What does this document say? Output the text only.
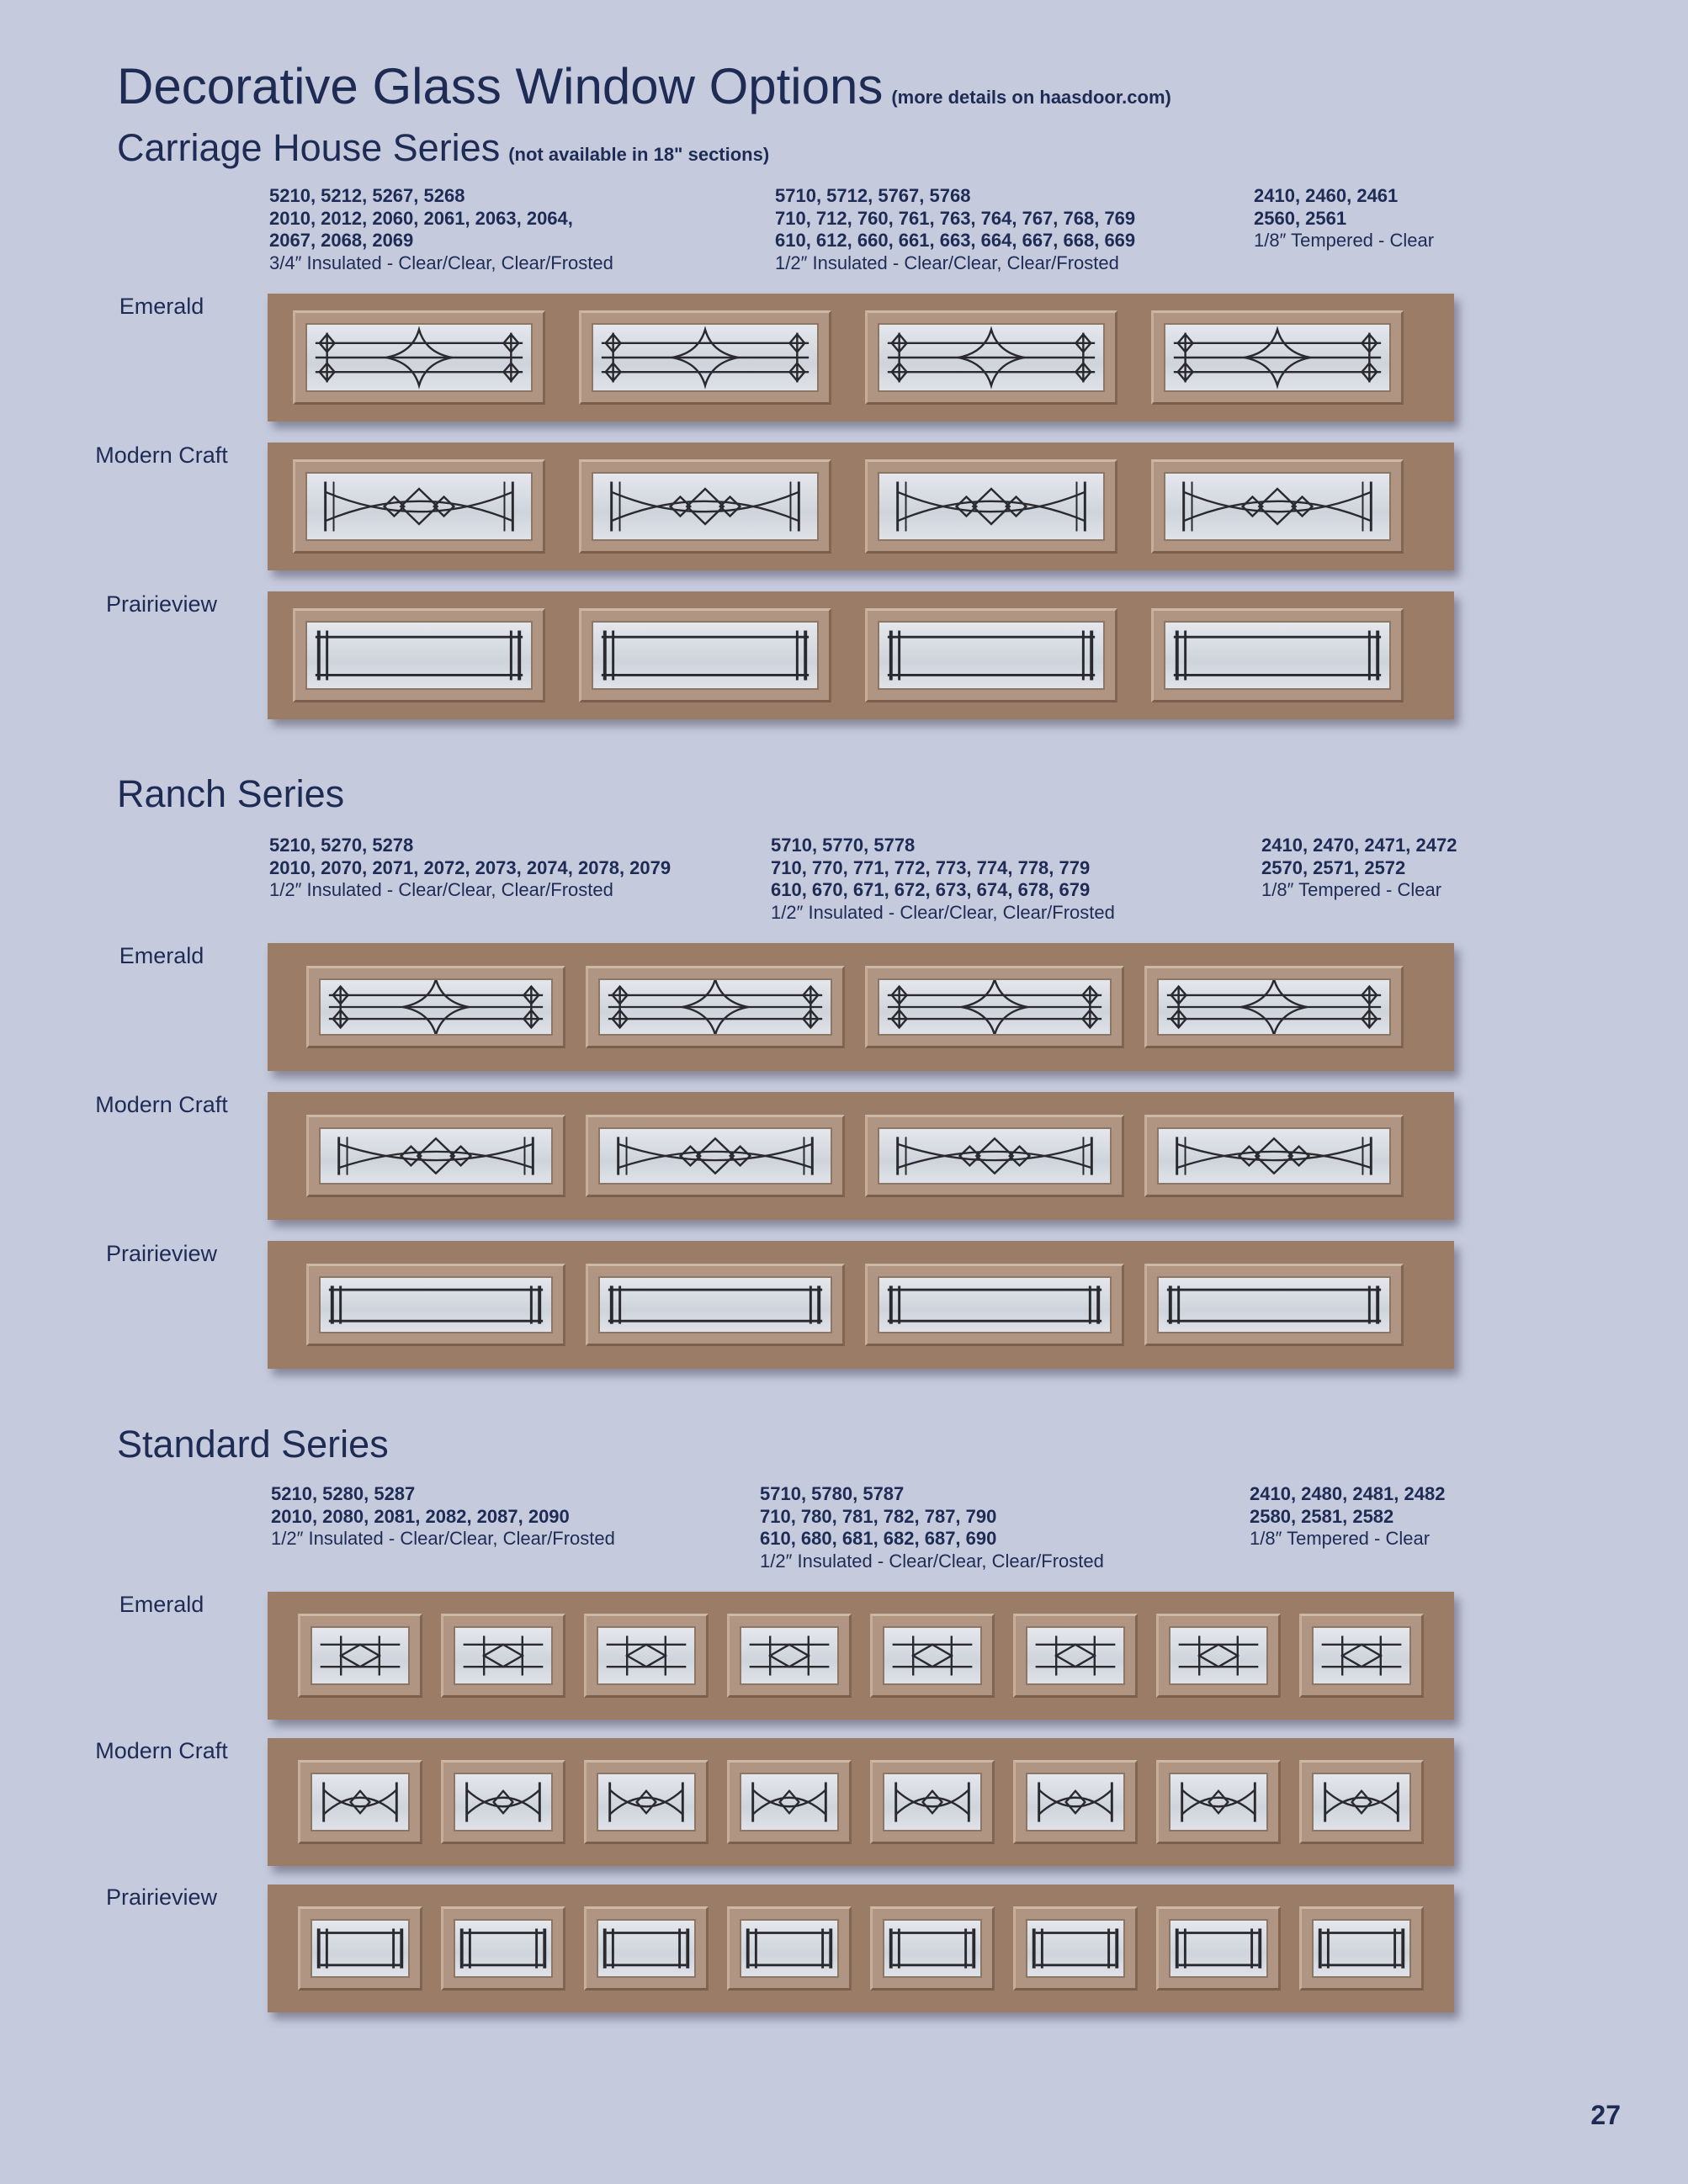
Decorative Glass Window Options (more details on haasdoor.com)
Carriage House Series (not available in 18" sections)
5210, 5212, 5267, 5268
2010, 2012, 2060, 2061, 2063, 2064,
2067, 2068, 2069
3/4″ Insulated - Clear/Clear, Clear/Frosted
5710, 5712, 5767, 5768
710, 712, 760, 761, 763, 764, 767, 768, 769
610, 612, 660, 661, 663, 664, 667, 668, 669
1/2″ Insulated - Clear/Clear, Clear/Frosted
2410, 2460, 2461
2560, 2561
1/8″ Tempered - Clear
Emerald
Modern Craft
Prairieview
Ranch Series
5210, 5270, 5278
2010, 2070, 2071, 2072, 2073, 2074, 2078, 2079
1/2″ Insulated - Clear/Clear, Clear/Frosted
5710, 5770, 5778
710, 770, 771, 772, 773, 774, 778, 779
610, 670, 671, 672, 673, 674, 678, 679
1/2″ Insulated - Clear/Clear, Clear/Frosted
2410, 2470, 2471, 2472
2570, 2571, 2572
1/8″ Tempered - Clear
Emerald
Modern Craft
Prairieview
Standard Series
5210, 5280, 5287
2010, 2080, 2081, 2082, 2087, 2090
1/2″ Insulated - Clear/Clear, Clear/Frosted
5710, 5780, 5787
710, 780, 781, 782, 787, 790
610, 680, 681, 682, 687, 690
1/2″ Insulated - Clear/Clear, Clear/Frosted
2410, 2480, 2481, 2482
2580, 2581, 2582
1/8″ Tempered - Clear
Emerald
Modern Craft
Prairieview
27
